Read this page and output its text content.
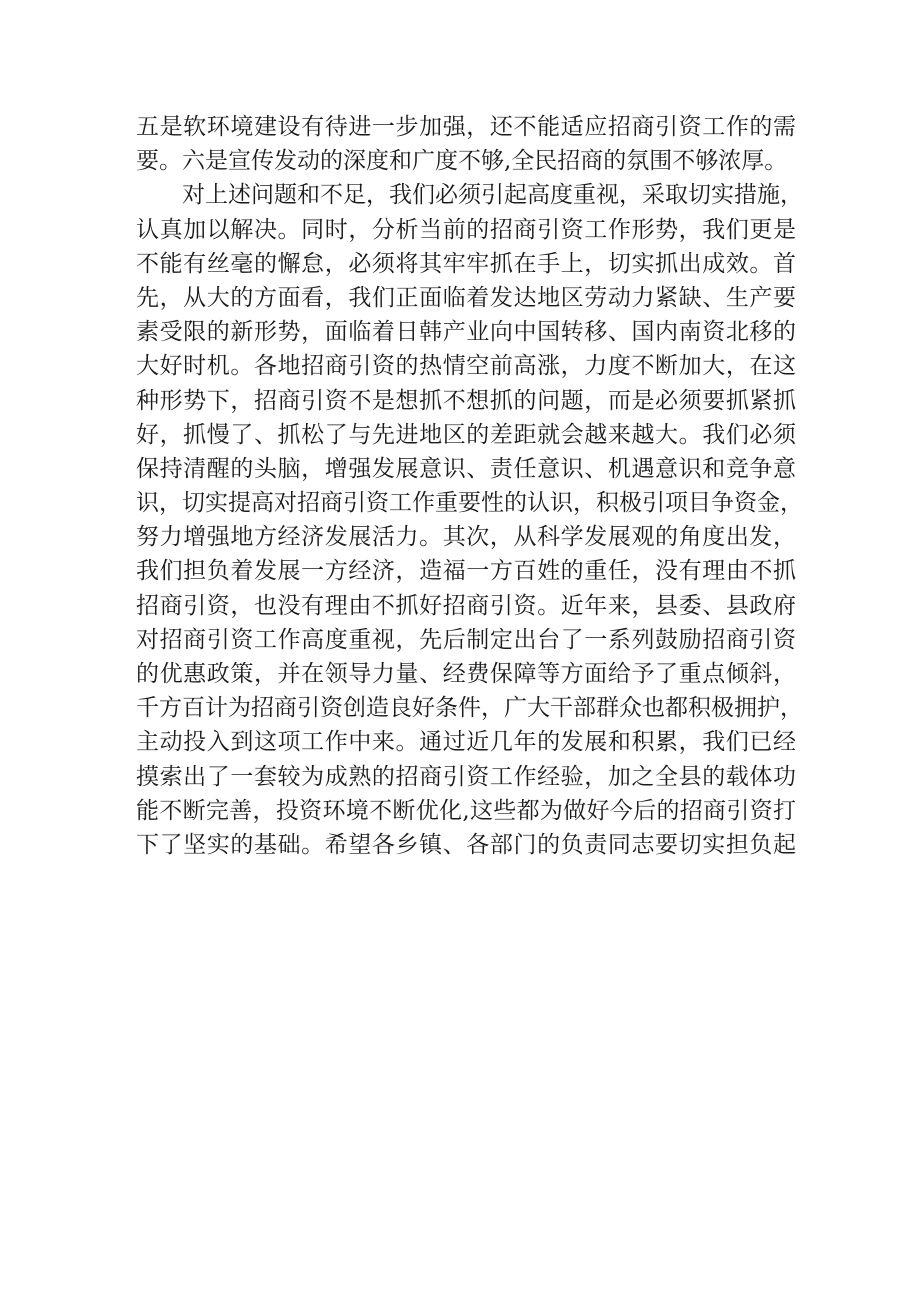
五是软环境建设有待进一步加强，还不能适应招商引资工作的需

要。六是宣传发动的深度和广度不够,全民招商的氛围不够浓厚。

对上述问题和不足，我们必须引起高度重视，采取切实措施，

认真加以解决。同时，分析当前的招商引资工作形势，我们更是

不能有丝毫的懈怠，必须将其牢牢抓在手上，切实抓出成效。首

先，从大的方面看，我们正面临着发达地区劳动力紧缺、生产要

素受限的新形势，面临着日韩产业向中国转移、国内南资北移的

大好时机。各地招商引资的热情空前高涨，力度不断加大，在这

种形势下，招商引资不是想抓不想抓的问题，而是必须要抓紧抓

好，抓慢了、抓松了与先进地区的差距就会越来越大。我们必须

保持清醒的头脑，增强发展意识、责任意识、机遇意识和竞争意

识，切实提高对招商引资工作重要性的认识，积极引项目争资金，

努力增强地方经济发展活力。其次，从科学发展观的角度出发，

我们担负着发展一方经济，造福一方百姓的重任，没有理由不抓

招商引资，也没有理由不抓好招商引资。近年来，县委、县政府

对招商引资工作高度重视，先后制定出台了一系列鼓励招商引资

的优惠政策，并在领导力量、经费保障等方面给予了重点倾斜，

千方百计为招商引资创造良好条件，广大干部群众也都积极拥护，

主动投入到这项工作中来。通过近几年的发展和积累，我们已经

摸索出了一套较为成熟的招商引资工作经验，加之全县的载体功

能不断完善，投资环境不断优化,这些都为做好今后的招商引资打

下了坚实的基础。希望各乡镇、各部门的负责同志要切实担负起
